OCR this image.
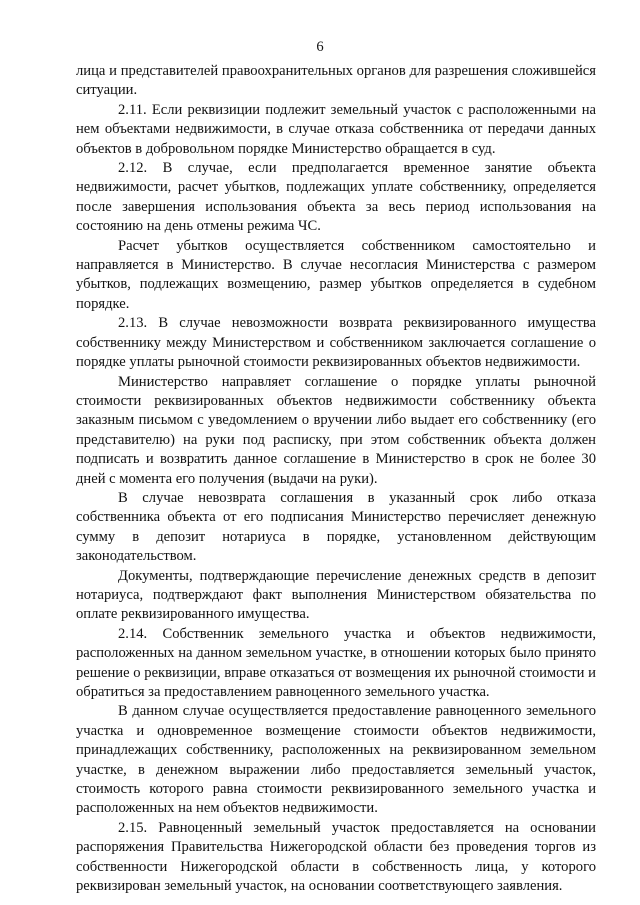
6

лица и представителей правоохранительных органов для разрешения сложившейся ситуации.

2.11. Если реквизиции подлежит земельный участок с расположенными на нем объектами недвижимости, в случае отказа собственника от передачи данных объектов в добровольном порядке Министерство обращается в суд.

2.12. В случае, если предполагается временное занятие объекта недвижимости, расчет убытков, подлежащих уплате собственнику, определяется после завершения использования объекта за весь период использования на состоянию на день отмены режима ЧС.

Расчет убытков осуществляется собственником самостоятельно и направляется в Министерство. В случае несогласия Министерства с размером убытков, подлежащих возмещению, размер убытков определяется в судебном порядке.

2.13. В случае невозможности возврата реквизированного имущества собственнику между Министерством и собственником заключается соглашение о порядке уплаты рыночной стоимости реквизированных объектов недвижимости.

Министерство направляет соглашение о порядке уплаты рыночной стоимости реквизированных объектов недвижимости собственнику объекта заказным письмом с уведомлением о вручении либо выдает его собственнику (его представителю) на руки под расписку, при этом собственник объекта должен подписать и возвратить данное соглашение в Министерство в срок не более 30 дней с момента его получения (выдачи на руки).

В случае невозврата соглашения в указанный срок либо отказа собственника объекта от его подписания Министерство перечисляет денежную сумму в депозит нотариуса в порядке, установленном действующим законодательством.

Документы, подтверждающие перечисление денежных средств в депозит нотариуса, подтверждают факт выполнения Министерством обязательства по оплате реквизированного имущества.

2.14. Собственник земельного участка и объектов недвижимости, расположенных на данном земельном участке, в отношении которых было принято решение о реквизиции, вправе отказаться от возмещения их рыночной стоимости и обратиться за предоставлением равноценного земельного участка.

В данном случае осуществляется предоставление равноценного земельного участка и одновременное возмещение стоимости объектов недвижимости, принадлежащих собственнику, расположенных на реквизированном земельном участке, в денежном выражении либо предоставляется земельный участок, стоимость которого равна стоимости реквизированного земельного участка и расположенных на нем объектов недвижимости.

2.15. Равноценный земельный участок предоставляется на основании распоряжения Правительства Нижегородской области без проведения торгов из собственности Нижегородской области в собственность лица, у которого реквизирован земельный участок, на основании соответствующего заявления.
